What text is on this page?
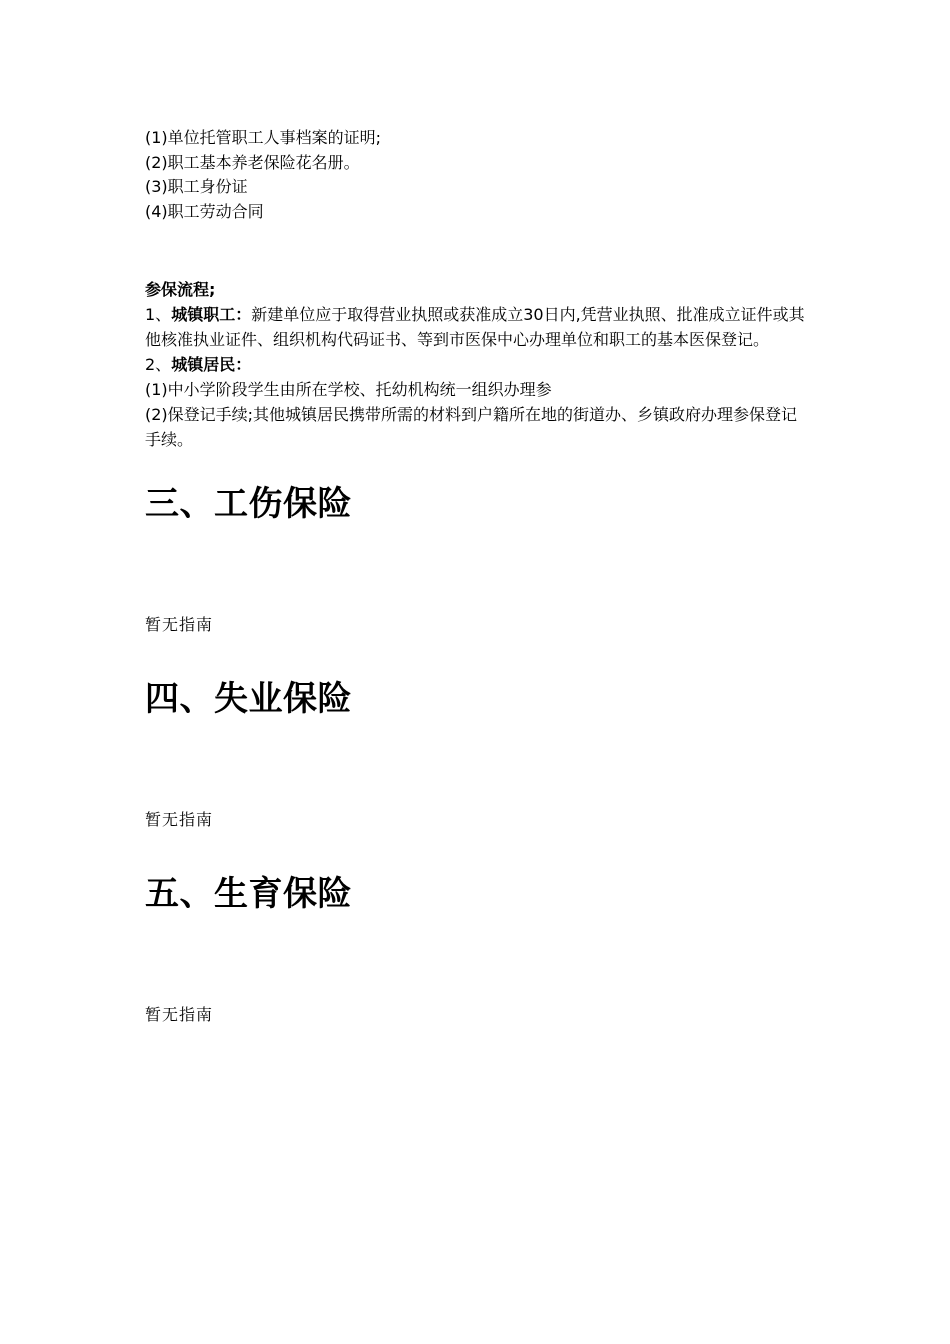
(1)单位托管职工人事档案的证明;

(2)职工基本养老保险花名册。

(3)职工身份证

(4)职工劳动合同

参保流程;

1、城镇职工：新建单位应于取得营业执照或获准成立30日内,凭营业执照、批准成立证件或其他核准执业证件、组织机构代码证书、等到市医保中心办理单位和职工的基本医保登记。

2、城镇居民：

(1)中小学阶段学生由所在学校、托幼机构统一组织办理参

(2)保登记手续;其他城镇居民携带所需的材料到户籍所在地的街道办、乡镇政府办理参保登记手续。

三、工伤保险

暂无指南

四、失业保险

暂无指南

五、生育保险

暂无指南
